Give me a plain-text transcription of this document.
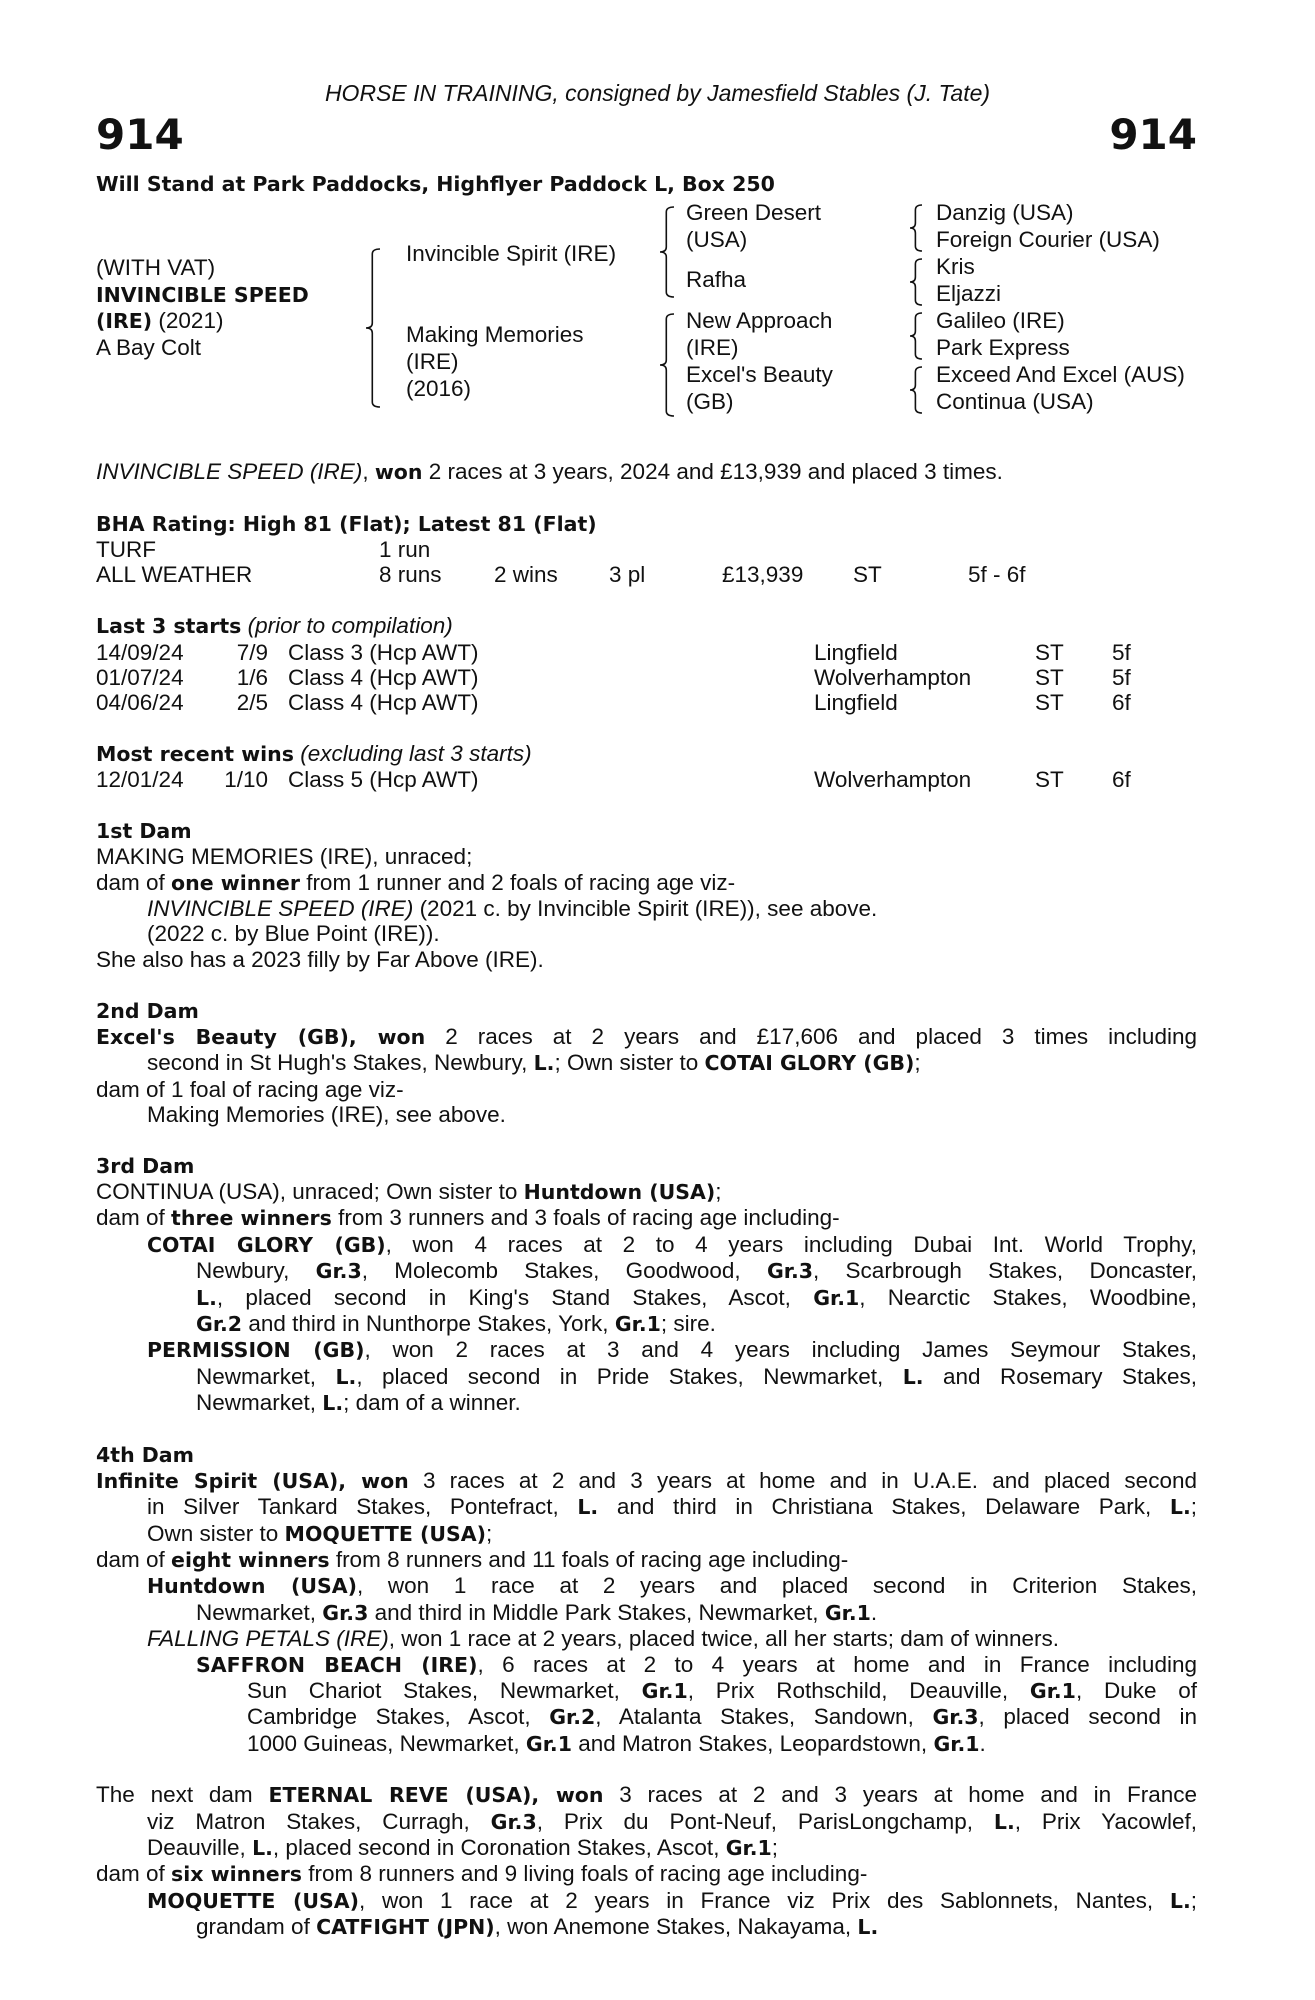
HORSE IN TRAINING, consigned by Jamesfield Stables (J. Tate)
914	914
Will Stand at Park Paddocks, Highflyer Paddock L, Box 250
(WITH VAT)
INVINCIBLE SPEED
(IRE) (2021)
A Bay Colt
Invincible Spirit (IRE)
Making Memories
(IRE)
(2016)
Green Desert
(USA)
Rafha
New Approach
(IRE)
Excel's Beauty
(GB)
Danzig (USA)
Foreign Courier (USA)
Kris
Eljazzi
Galileo (IRE)
Park Express
Exceed And Excel (AUS)
Continua (USA)
INVINCIBLE SPEED (IRE), won 2 races at 3 years, 2024 and £13,939 and placed 3 times.
BHA Rating: High 81 (Flat); Latest 81 (Flat)
TURF	1 run
ALL WEATHER	8 runs 2 wins 3 pl	£13,939 ST	5f - 6f
Last 3 starts (prior to compilation)
14/09/24	7/9 Class 3 (Hcp AWT)	Lingfield	ST 5f
01/07/24	1/6 Class 4 (Hcp AWT)	Wolverhampton	ST 5f
04/06/24	2/5 Class 4 (Hcp AWT)	Lingfield	ST 6f
Most recent wins (excluding last 3 starts)
12/01/24	1/10 Class 5 (Hcp AWT)	Wolverhampton	ST 6f
1st Dam
MAKING MEMORIES (IRE), unraced;
dam of one winner from 1 runner and 2 foals of racing age viz-
INVINCIBLE SPEED (IRE) (2021 c. by Invincible Spirit (IRE)), see above.
(2022 c. by Blue Point (IRE)).
She also has a 2023 filly by Far Above (IRE).
2nd Dam
Excel's Beauty (GB), won 2 races at 2 years and £17,606 and placed 3 times including
second in St Hugh's Stakes, Newbury, L.; Own sister to COTAI GLORY (GB);
dam of 1 foal of racing age viz-
Making Memories (IRE), see above.
3rd Dam
CONTINUA (USA), unraced; Own sister to Huntdown (USA);
dam of three winners from 3 runners and 3 foals of racing age including-
COTAI GLORY (GB), won 4 races at 2 to 4 years including Dubai Int. World Trophy,
Newbury, Gr.3, Molecomb Stakes, Goodwood, Gr.3, Scarbrough Stakes, Doncaster,
L., placed second in King's Stand Stakes, Ascot, Gr.1, Nearctic Stakes, Woodbine,
Gr.2 and third in Nunthorpe Stakes, York, Gr.1; sire.
PERMISSION (GB), won 2 races at 3 and 4 years including James Seymour Stakes,
Newmarket, L., placed second in Pride Stakes, Newmarket, L. and Rosemary Stakes,
Newmarket, L.; dam of a winner.
4th Dam
Infinite Spirit (USA), won 3 races at 2 and 3 years at home and in U.A.E. and placed second
in Silver Tankard Stakes, Pontefract, L. and third in Christiana Stakes, Delaware Park, L.;
Own sister to MOQUETTE (USA);
dam of eight winners from 8 runners and 11 foals of racing age including-
Huntdown (USA), won 1 race at 2 years and placed second in Criterion Stakes,
Newmarket, Gr.3 and third in Middle Park Stakes, Newmarket, Gr.1.
FALLING PETALS (IRE), won 1 race at 2 years, placed twice, all her starts; dam of winners.
SAFFRON BEACH (IRE), 6 races at 2 to 4 years at home and in France including
Sun Chariot Stakes, Newmarket, Gr.1, Prix Rothschild, Deauville, Gr.1, Duke of
Cambridge Stakes, Ascot, Gr.2, Atalanta Stakes, Sandown, Gr.3, placed second in
1000 Guineas, Newmarket, Gr.1 and Matron Stakes, Leopardstown, Gr.1.
The next dam ETERNAL REVE (USA), won 3 races at 2 and 3 years at home and in France
viz Matron Stakes, Curragh, Gr.3, Prix du Pont-Neuf, ParisLongchamp, L., Prix Yacowlef,
Deauville, L., placed second in Coronation Stakes, Ascot, Gr.1;
dam of six winners from 8 runners and 9 living foals of racing age including-
MOQUETTE (USA), won 1 race at 2 years in France viz Prix des Sablonnets, Nantes, L.;
grandam of CATFIGHT (JPN), won Anemone Stakes, Nakayama, L.
